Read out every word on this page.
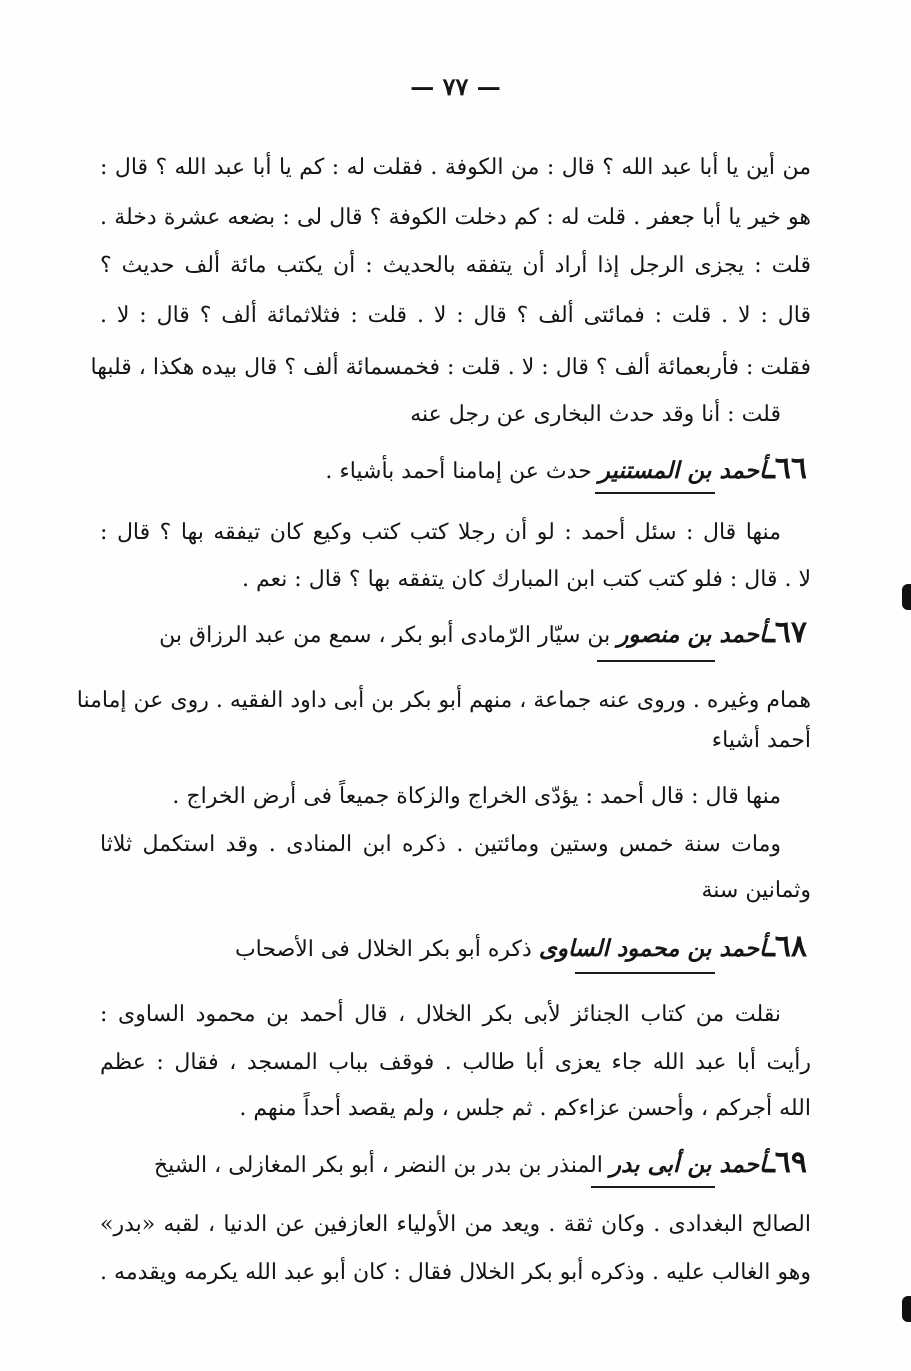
— ٧٧ —
من أين يا أبا عبد الله ؟ قال : من الكوفة . فقلت له : كم يا أبا عبد الله ؟ قال :
هو خير يا أبا جعفر . قلت له : كم دخلت الكوفة ؟ قال لى : بضعه عشرة دخلة .
قلت : يجزى الرجل إذا أراد أن يتفقه بالحديث : أن يكتب مائة ألف حديث ؟
قال : لا . قلت : فمائتى ألف ؟ قال : لا . قلت : فثلاثمائة ألف ؟ قال : لا .
فقلت : فأربعمائة ألف ؟ قال : لا . قلت : فخمسمائة ألف ؟ قال بيده هكذا ، قلبها
قلت : أنا وقد حدث البخارى عن رجل عنه
٦٦ـأحمد بن المستنير حدث عن إمامنا أحمد بأشياء .
منها قال : سئل أحمد : لو أن رجلا كتب كتب وكيع كان تيفقه بها ؟ قال :
لا . قال : فلو كتب كتب ابن المبارك كان يتفقه بها ؟ قال : نعم .
٦٧ـأحمد بن منصور بن سيّار الرّمادى أبو بكر ، سمع من عبد الرزاق بن
همام وغيره . وروى عنه جماعة ، منهم أبو بكر بن أبى داود الفقيه . روى عن إمامنا
أحمد أشياء
منها قال : قال أحمد : يؤدّى الخراج والزكاة جميعاً فى أرض الخراج .
ومات سنة خمس وستين ومائتين . ذكره ابن المنادى . وقد استكمل ثلاثا
وثمانين سنة
٦٨ـأحمد بن محمود الساوى ذكره أبو بكر الخلال فى الأصحاب
نقلت من كتاب الجنائز لأبى بكر الخلال ، قال أحمد بن محمود الساوى :
رأيت أبا عبد الله جاء يعزى أبا طالب . فوقف بباب المسجد ، فقال : عظم
الله أجركم ، وأحسن عزاءكم . ثم جلس ، ولم يقصد أحداً منهم .
٦٩ـأحمد بن أبى بدر المنذر بن بدر بن النضر ، أبو بكر المغازلى ، الشيخ
الصالح البغدادى . وكان ثقة . ويعد من الأولياء العازفين عن الدنيا ، لقبه «بدر»
وهو الغالب عليه . وذكره أبو بكر الخلال فقال : كان أبو عبد الله يكرمه ويقدمه .
